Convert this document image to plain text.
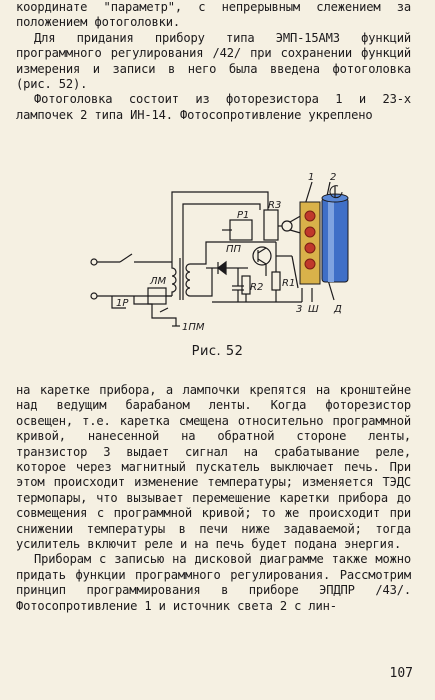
координате "параметр", с непрерывным слежением за положением фотоголовки.

Для придания прибору типа ЭМП-15АМ3 функций программного регулирования /42/ при сохранении функций измерения и записи в него была введена фотоголовка (рис. 52).

Фотоголовка состоит из фоторезистора 1 и 23-х лампочек 2 типа ИН-14. Фотосопротивление укреплено

1 2
P1
R3
ПП
R2 R1
3 Ш Д
1Р
ЛМ
1ПМ
Рис. 52

на каретке прибора, а лампочки крепятся на кронштейне над ведущим барабаном ленты. Когда фоторезистор освещен, т.е. каретка смещена относительно программной кривой, нанесенной на обратной стороне ленты, транзистор 3 выдает сигнал на срабатывание реле, которое через магнитный пускатель выключает печь. При этом происходит изменение температуры; изменяется ТЭДС термопары, что вызывает перемешение каретки прибора до совмещения с программной кривой; то же происходит при снижении температуры в печи ниже задаваемой; тогда усилитель включит реле и на печь будет подана энергия.

Приборам с записью на дисковой диаграмме также можно придать функции программного регулирования. Рассмотрим принцип программирования в приборе ЭПДПР /43/. Фотосопротивление 1 и источник света 2 с лин-

107
